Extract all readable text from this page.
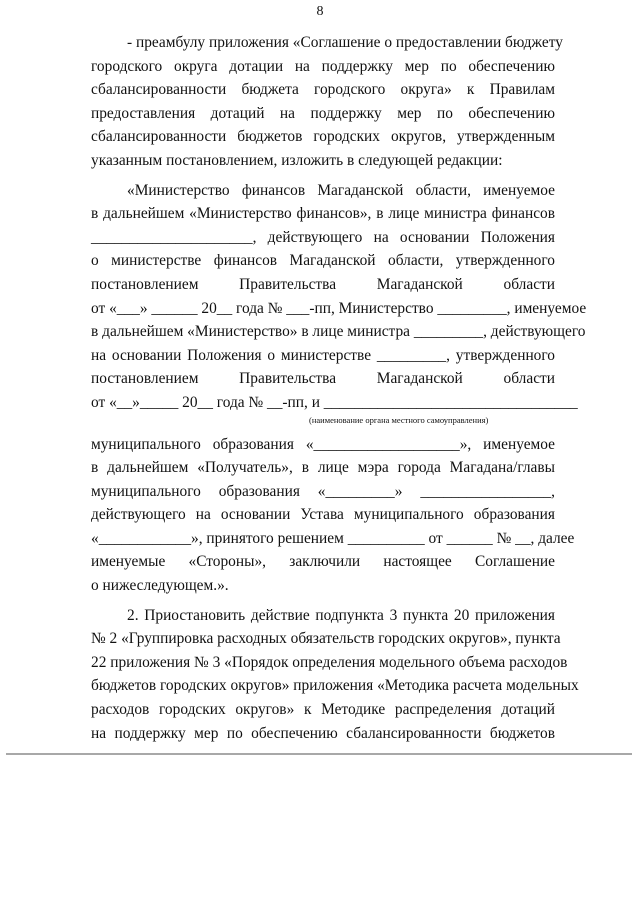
8
- преамбулу приложения «Соглашение о предоставлении бюджету
городского округа дотации на поддержку мер по обеспечению
сбалансированности бюджета городского округа» к Правилам
предоставления дотаций на поддержку мер по обеспечению
сбалансированности бюджетов городских округов, утвержденным
указанным постановлением, изложить в следующей редакции:
«Министерство финансов Магаданской области, именуемое
в дальнейшем «Министерство финансов», в лице министра финансов
_____________________, действующего на основании Положения
о министерстве финансов Магаданской области, утвержденного
постановлением Правительства Магаданской области
от «___» ______ 20__ года № ___-пп, Министерство _________, именуемое
в дальнейшем «Министерство» в лице министра _________, действующего
на основании Положения о министерстве _________, утвержденного
постановлением Правительства Магаданской области
от «__»_____ 20__ года № __-пп, и _________________________________
(наименование органа местного самоуправления)
муниципального образования «___________________», именуемое
в дальнейшем «Получатель», в лице мэра города Магадана/главы
муниципального образования «_________» _________________,
действующего на основании Устава муниципального образования
«____________», принятого решением __________ от ______ № __, далее
именуемые «Стороны», заключили настоящее Соглашение
о нижеследующем.».
2. Приостановить действие подпункта 3 пункта 20 приложения
№ 2 «Группировка расходных обязательств городских округов», пункта
22 приложения № 3 «Порядок определения модельного объема расходов
бюджетов городских округов» приложения «Методика расчета модельных
расходов городских округов» к Методике распределения дотаций
на поддержку мер по обеспечению сбалансированности бюджетов
